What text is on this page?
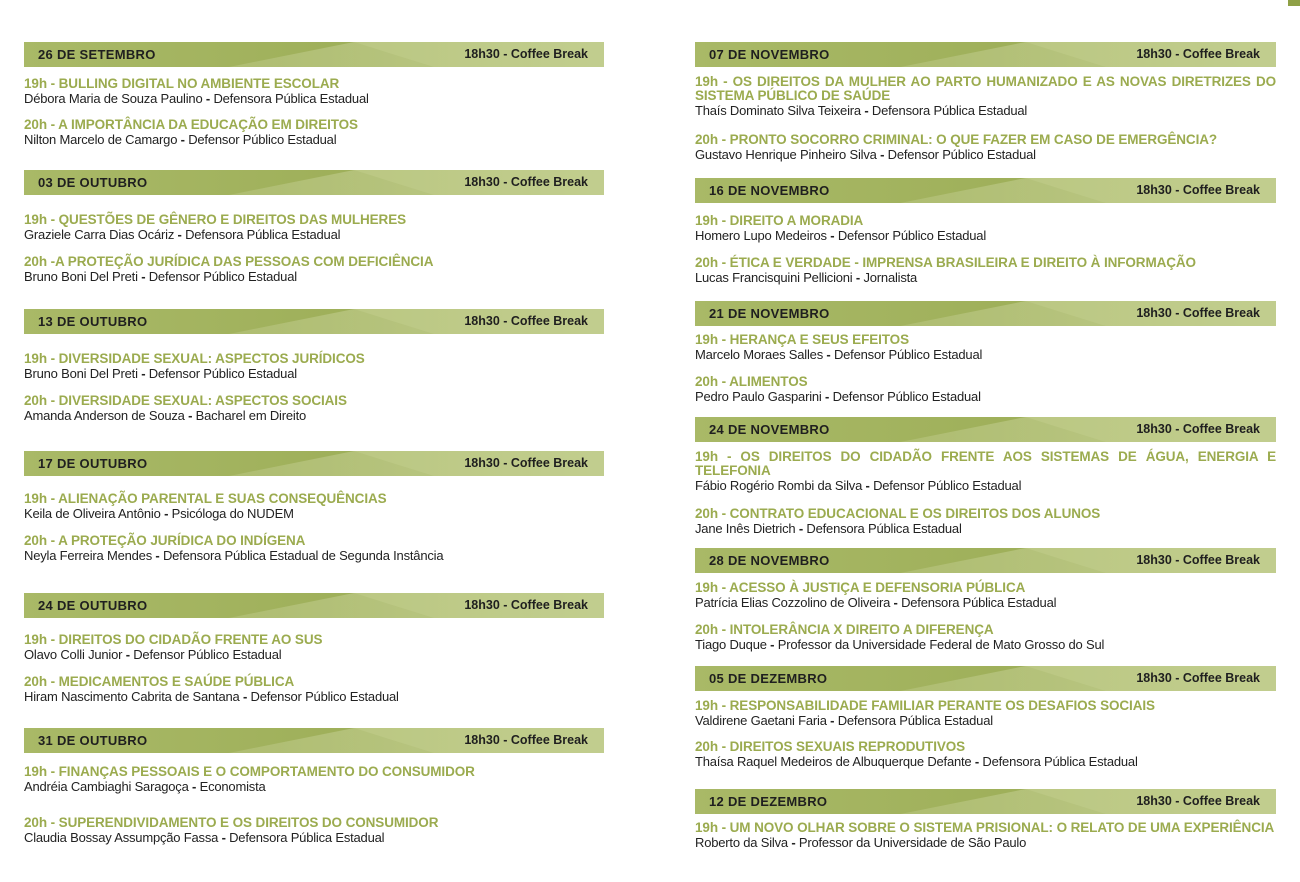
26 DE SETEMBRO	18h30 - Coffee Break
19h - BULLING DIGITAL NO AMBIENTE ESCOLAR
Débora Maria de Souza Paulino - Defensora Pública Estadual
20h - A IMPORTÂNCIA DA EDUCAÇÃO EM DIREITOS
Nilton Marcelo de Camargo - Defensor Público Estadual
03 DE OUTUBRO	18h30 - Coffee Break
19h - QUESTÕES DE GÊNERO E DIREITOS DAS MULHERES
Graziele Carra Dias Ocáriz - Defensora Pública Estadual
20h -A PROTEÇÃO JURÍDICA DAS PESSOAS COM DEFICIÊNCIA
Bruno Boni Del Preti - Defensor Público Estadual
13 DE OUTUBRO	18h30 - Coffee Break
19h - DIVERSIDADE SEXUAL: ASPECTOS JURÍDICOS
Bruno Boni Del Preti - Defensor Público Estadual
20h - DIVERSIDADE SEXUAL: ASPECTOS SOCIAIS
Amanda Anderson de Souza - Bacharel em Direito
17 DE OUTUBRO	18h30 - Coffee Break
19h - ALIENAÇÃO PARENTAL E SUAS CONSEQUÊNCIAS
Keila de Oliveira Antônio - Psicóloga do NUDEM
20h - A PROTEÇÃO JURÍDICA DO INDÍGENA
Neyla Ferreira Mendes - Defensora Pública Estadual de Segunda Instância
24 DE OUTUBRO	18h30 - Coffee Break
19h - DIREITOS DO CIDADÃO FRENTE AO SUS
Olavo Colli Junior - Defensor Público Estadual
20h - MEDICAMENTOS E SAÚDE PÚBLICA
Hiram Nascimento Cabrita de Santana - Defensor Público Estadual
31 DE OUTUBRO	18h30 - Coffee Break
19h - FINANÇAS PESSOAIS E O COMPORTAMENTO DO CONSUMIDOR
Andréia Cambiaghi Saragoça - Economista
20h - SUPERENDIVIDAMENTO E OS DIREITOS DO CONSUMIDOR
Claudia Bossay Assumpção Fassa - Defensora Pública Estadual
07 DE NOVEMBRO	18h30 - Coffee Break
19h - OS DIREITOS DA MULHER AO PARTO HUMANIZADO E AS NOVAS DIRETRIZES DO SISTEMA PÚBLICO DE SAÚDE
Thaís Dominato Silva Teixeira - Defensora Pública Estadual
20h - PRONTO SOCORRO CRIMINAL: O QUE FAZER EM CASO DE EMERGÊNCIA?
Gustavo Henrique Pinheiro Silva - Defensor Público Estadual
16 DE NOVEMBRO	18h30 - Coffee Break
19h - DIREITO A MORADIA
Homero Lupo Medeiros - Defensor Público Estadual
20h - ÉTICA E VERDADE - IMPRENSA BRASILEIRA E DIREITO À INFORMAÇÃO
Lucas Francisquini Pellicioni - Jornalista
21 DE NOVEMBRO	18h30 - Coffee Break
19h - HERANÇA E SEUS EFEITOS
Marcelo Moraes Salles - Defensor Público Estadual
20h - ALIMENTOS
Pedro Paulo Gasparini - Defensor Público Estadual
24 DE NOVEMBRO	18h30 - Coffee Break
19h - OS DIREITOS DO CIDADÃO FRENTE AOS SISTEMAS DE ÁGUA, ENERGIA E TELEFONIA
Fábio Rogério Rombi da Silva - Defensor Público Estadual
20h - CONTRATO EDUCACIONAL E OS DIREITOS DOS ALUNOS
Jane Inês Dietrich - Defensora Pública Estadual
28 DE NOVEMBRO	18h30 - Coffee Break
19h - ACESSO À JUSTIÇA E DEFENSORIA PÚBLICA
Patrícia Elias Cozzolino de Oliveira - Defensora Pública Estadual
20h - INTOLERÂNCIA X DIREITO A DIFERENÇA
Tiago Duque - Professor da Universidade Federal de Mato Grosso do Sul
05 DE DEZEMBRO	18h30 - Coffee Break
19h - RESPONSABILIDADE FAMILIAR PERANTE OS DESAFIOS SOCIAIS
Valdirene Gaetani Faria - Defensora Pública Estadual
20h - DIREITOS SEXUAIS REPRODUTIVOS
Thaísa Raquel Medeiros de Albuquerque Defante - Defensora Pública Estadual
12 DE DEZEMBRO	18h30 - Coffee Break
19h - UM NOVO OLHAR SOBRE O SISTEMA PRISIONAL: O RELATO DE UMA EXPERIÊNCIA
Roberto da Silva - Professor da Universidade de São Paulo
